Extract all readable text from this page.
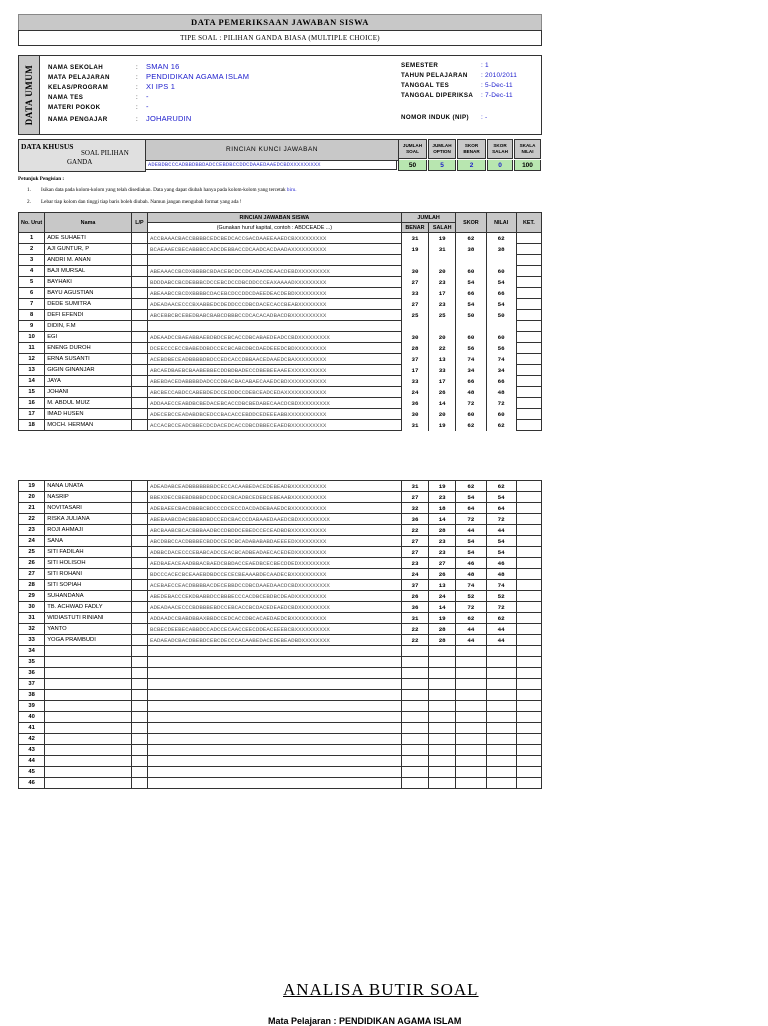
DATA PEMERIKSAAN JAWABAN SISWA
TIPE SOAL : PILIHAN GANDA BIASA (MULTIPLE CHOICE)
DATA UMUM NAMA SEKOLAH	: SMAN 16
MATA PELAJARAN	: PENDIDIKAN AGAMA ISLAM
KELAS/PROGRAM	: XI IPS 1
NAMA TES	: -
MATERI POKOK	: -
NAMA PENGAJAR	: JOHARUDIN
SEMESTER	: 1
TAHUN PELAJARAN : 2010/2011
TANGGAL TES	: 5-Dec-11
TANGGAL DIPERIKSA : 7-Dec-11
NOMOR INDUK (NIP) : -
DATA KHUSUS
SOAL PILIHAN
GANDA
RINCIAN KUNCI JAWABAN
ADEBDBCCCADBBDBBDADCCEBDBCCDDCDAAEDAAEDCBDXXXXXXXXX
JUMLAH
SOAL
50
JUMLAH
OPTION
5
SKOR
BENAR
2
SKOR
SALAH
0
SKALA
NILAI
100
Petunjuk Pengisian :
1. Isikan data pada kolom-kolom yang telah disediakan. Data yang dapat diubah hanya pada kolom-kolom yang tercetak biru.
2. Lebar tiap kolom dan tinggi tiap baris boleh diubah. Namun jangan mengubah format yang ada !
No. Urut	Nama	L/P	RINCIAN JAWABAN SISWA	JUMLAH		SKOR	NILAI	KET.
			(Gunakan huruf kapital, contoh : ABDCEADE ...)	BENAR	SALAH			
1	ADE SUHAETI		ACCBAAACBACCBBBBCEDCBEDCACCGACDAAEEAAEDCBXXXXXXXXX	31	19	62	62	
2	AJI GUNTUR, P		BCAEAAECBECABBBCCADCDEBBACCDCAADCACDAADAXXXXXXXXXX	19	31	38	38	
3	ANDRI M. ANAN							
4	BAJI MURSAL		ABEAAACCBCDXBBBBCBDACEBCDCCDCADACDEAACDEBDXXXXXXXXX	30	20	60	60	
5	BAYHAKI		BDDDABCCBCDEBBBCDCCEBCDCCDBCDDCCCEAXAAAADXXXXXXXXX	27	23	54	54	
6	BAYU AGUSTIAN		ABEAABCCBCDXBBBBCDACEBCDCCDDCDAEEDEACDEBDXXXXXXXXX	33	17	66	66	
7	DEDE SUMITRA		ADEADAACECCCBXABBEDCDEDDCCCDBCDACECACCBEABXXXXXXXX	27	23	54	54	
8	DEFI EFENDI		ABCEBBCBCEBEDBABCBABCDBBBCCDCACACADBACDBXXXXXXXXXX	25	25	50	50	
9	DIDIN, F.M							
10	EGI		ADEAADCCBAEABBAEBDBDCEBCACCDBCABAEDEADCCBDXXXXXXXXX	30	20	60	60	
11	ENENG DUROH		DCEECCCECCBABEDDBDCCECBCABCDBCDAEDEEEDCBDXXXXXXXXX	28	22	56	56	
12	ERNA SUSANTI		ACEBDBECEADBBBBDBDCCEDCACCDBBAACEDAAEDCBAXXXXXXXXX	37	13	74	74	
13	GIGIN GINANJAR		ABCAEDBAEBCBAABEBBECDDBDBADECCDBEBEEAAEEXXXXXXXXXX	17	33	34	34	
14	JAYA		ABEBDACEDABBBBDADCCCDBACBACABAECAAEDCBDXXXXXXXXXXX	33	17	66	66	
15	JOHANI		ABCBECCABDCCABEBDEDCCEDDDCCDEBCEADCEDAXXXXXXXXXXXX	24	26	48	48	
16	M. ABDUL MUIZ		ADDAAECCEABDBCBEDACEBCACCDBCBEDABECAACDCBDXXXXXXXXX	36	14	72	72	
17	IMAD HUSEN		ADECEBCCEADABDBCEDCCBACACCEBDDCEDEEEABBXXXXXXXXXXX	30	20	60	60	
18	MOCH. HERMAN		ACCACBCCEADCBBECDCDACEDCACCDBCDBBECEAEDBXXXXXXXXXX	31	19	62	62	
19	NANA UNATA		ADEADABCEADBBBBBBBDCECCACAABEDACEDEBEADBXXXXXXXXXX	31	19	62	62	
20	NASRIP		BBEXDECCBEBDBBBDCDDCEDCBCADBCEDEBCEBEAABXXXXXXXXXX	27	23	54	54	
21	NOVITASARI		ADEBAEECBACDBBBCBDCCCDCECCDACDADEBAAEDCBXXXXXXXXXX	32	18	64	64	
22	RISKA JULIANA		ABEBAABCDACBBEBDBDCCEDCBACCCDABAAEDAAEDCBDXXXXXXXXX	36	14	72	72	
23	ROJI AHMAJI		ABCBAABCBCACBBBAADBCCDBDDCEBEDCCECEADBDBXXXXXXXXXX	22	28	44	44	
24	SANA		ABCDBBCCACDBBBECBDDCCEDCBCADABABABDAEEEEDXXXXXXXXX	27	23	54	54	
25	SITI FADILAH		ADBBCDACECCCEBABCADCCEACBCADBEADAECACEDEDXXXXXXXXX	27	23	54	54	
26	SITI HOLISOH		AEDBAEACEAADBBACBAEDCBBDACCEAEDBCECBECDDEDXXXXXXXXX	23	27	46	46	
27	SITI ROHANI		BDCCCACECBCEAAEBDBDCCECECBEAAABDECAADECBXXXXXXXXXX	24	26	48	48	
28	SITI SOPIAH		ACEBAECCEACDBBBBACDECEBBDCCDBCDAAEDAACDCBDXXXXXXXXX	37	13	74	74	
29	SUHANDANA		ABEDEBACCCEKDBABBDCCBBBECCCACDBCEBDBCDEADXXXXXXXXX	26	24	52	52	
30	TB. ACHWAD FADLY		ADEADAACECCCBDBBBEBDCCEBCACCBCDACEDEAEDCBDXXXXXXXXX	36	14	72	72	
31	WIDIASTUTI RINIANI		ADDAADCCBABDBBAXBBDCCEDCACCDBCACAEDAEDCBXXXXXXXXXX	31	19	62	62	
32	YANTO		BCBECDEEBECABBDCCADCCECAACCEECDDEACEEEBCBXXXXXXXXXX	22	28	44	44	
33	YOGA PRAMBUDI		EADAEADCBACDBEBDCEBCDECCCACAABEDACEDEBEADBDXXXXXXXX	22	28	44	44	
34								
35								
36								
37								
38								
39								
40								
41								
42								
43								
44								
45								
46								
ANALISA BUTIR SOAL
Mata Pelajaran : PENDIDIKAN AGAMA ISLAM
